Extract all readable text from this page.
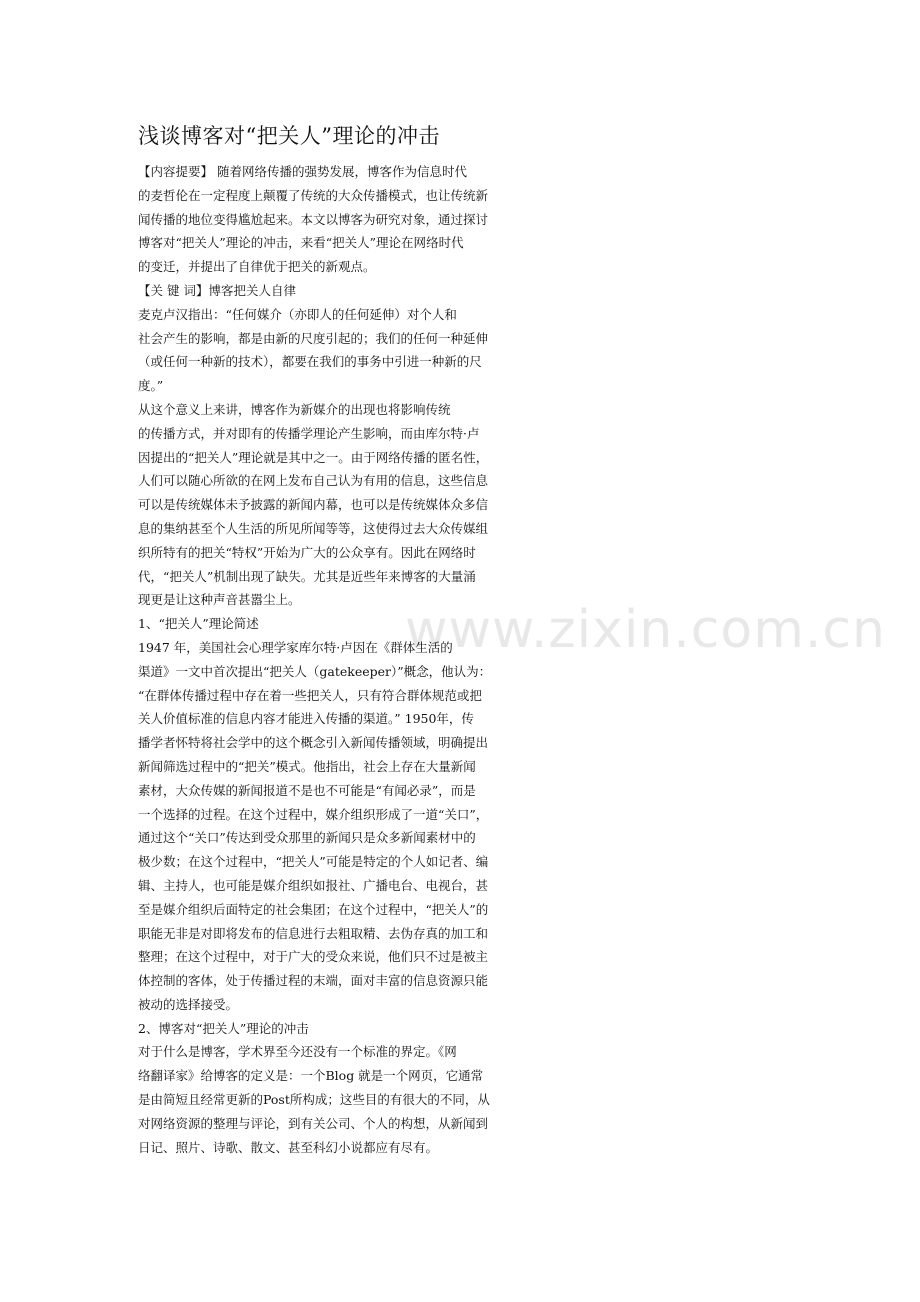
www.zixin.com.cn
浅谈博客对“把关人”理论的冲击
【内容提要】 随着网络传播的强势发展，博客作为信息时代
的麦哲伦在一定程度上颠覆了传统的大众传播模式，也让传统新
闻传播的地位变得尴尬起来。本文以博客为研究对象，通过探讨
博客对“把关人”理论的冲击，来看“把关人”理论在网络时代
的变迁，并提出了自律优于把关的新观点。
【关 键 词】博客把关人自律
麦克卢汉指出：“任何媒介（亦即人的任何延伸）对个人和
社会产生的影响，都是由新的尺度引起的；我们的任何一种延伸
（或任何一种新的技术），都要在我们的事务中引进一种新的尺
度。”
从这个意义上来讲，博客作为新媒介的出现也将影响传统
的传播方式，并对即有的传播学理论产生影响，而由库尔特·卢
因提出的“把关人”理论就是其中之一。由于网络传播的匿名性，
人们可以随心所欲的在网上发布自己认为有用的信息，这些信息
可以是传统媒体未予披露的新闻内幕，也可以是传统媒体众多信
息的集纳甚至个人生活的所见所闻等等，这使得过去大众传媒组
织所特有的把关“特权”开始为广大的公众享有。因此在网络时
代，“把关人”机制出现了缺失。尤其是近些年来博客的大量涌
现更是让这种声音甚嚣尘上。
1、“把关人”理论简述
1947 年，美国社会心理学家库尔特·卢因在《群体生活的
渠道》一文中首次提出“把关人（gatekeeper）”概念，他认为：
“在群体传播过程中存在着一些把关人，只有符合群体规范或把
关人价值标准的信息内容才能进入传播的渠道。” 1950年，传
播学者怀特将社会学中的这个概念引入新闻传播领域，明确提出
新闻筛选过程中的“把关”模式。他指出，社会上存在大量新闻
素材，大众传媒的新闻报道不是也不可能是“有闻必录”，而是
一个选择的过程。在这个过程中，媒介组织形成了一道“关口”，
通过这个“关口”传达到受众那里的新闻只是众多新闻素材中的
极少数；在这个过程中，“把关人”可能是特定的个人如记者、编
辑、主持人，也可能是媒介组织如报社、广播电台、电视台，甚
至是媒介组织后面特定的社会集团；在这个过程中，“把关人”的
职能无非是对即将发布的信息进行去粗取精、去伪存真的加工和
整理；在这个过程中，对于广大的受众来说，他们只不过是被主
体控制的客体，处于传播过程的末端，面对丰富的信息资源只能
被动的选择接受。
2、博客对“把关人”理论的冲击
对于什么是博客，学术界至今还没有一个标准的界定。《网
络翻译家》给博客的定义是：一个Blog 就是一个网页，它通常
是由简短且经常更新的Post所构成；这些目的有很大的不同，从
对网络资源的整理与评论，到有关公司、个人的构想，从新闻到
日记、照片、诗歌、散文、甚至科幻小说都应有尽有。
